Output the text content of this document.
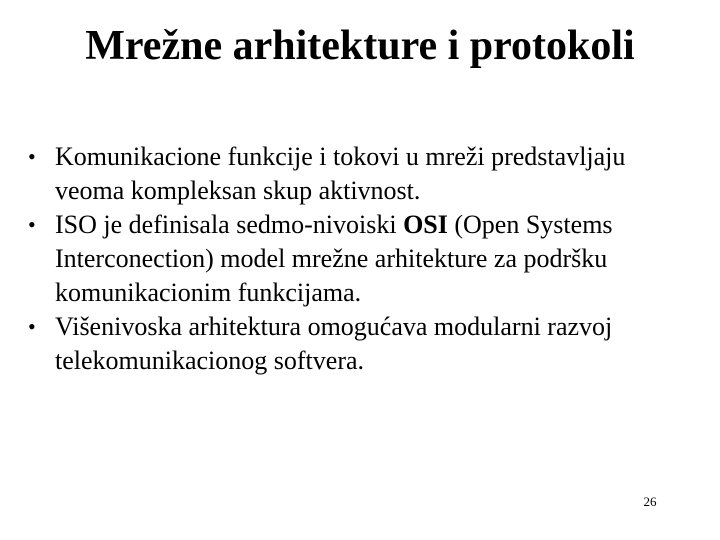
Mrežne arhitekture i protokoli
• Komunikacione funkcije i tokovi u mreži predstavljaju veoma kompleksan skup aktivnost.
• ISO je definisala sedmo-nivoiski OSI (Open Systems Interconection) model mrežne arhitekture za podršku komunikacionim funkcijama.
• Višenivoska arhitektura omogućava modularni razvoj telekomunikacionog softvera.
26
